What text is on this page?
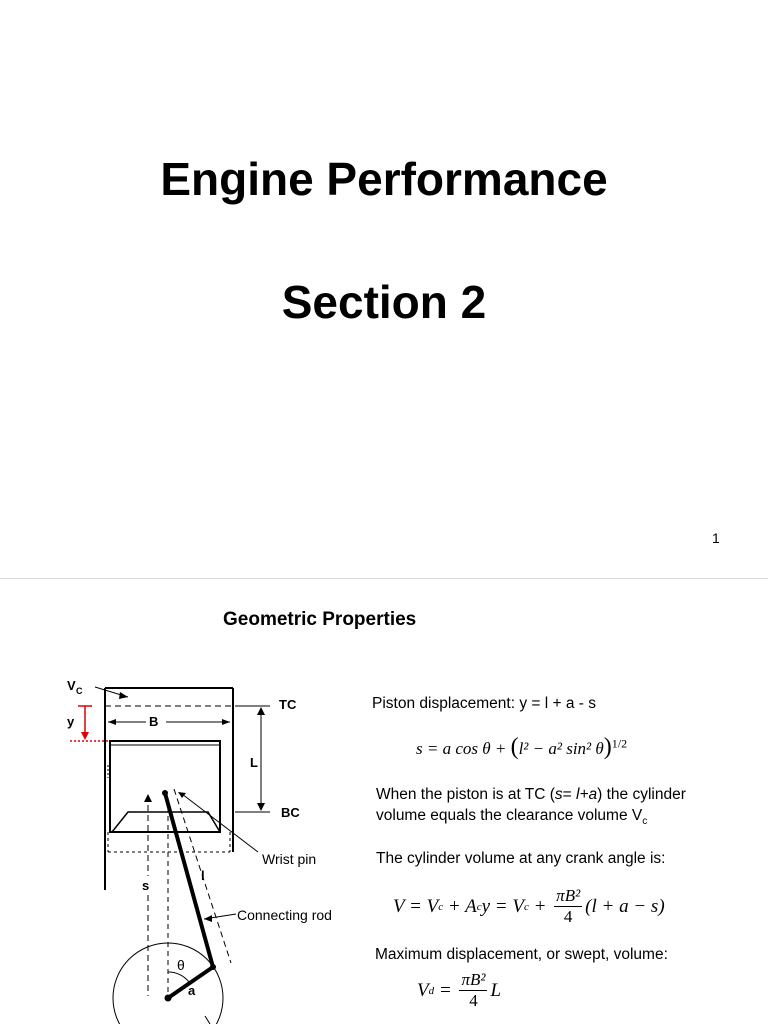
Engine Performance
Section 2
1
Geometric Properties
B
V C
y
TC
L
BC
Wrist pin
Connecting rod
l
s
θ
a
Piston displacement: y = l + a - s
s = a cos θ + (l² − a² sin² θ)$^{1/2}$
When the piston is at TC (s= l+a) the cylinder
volume equals the clearance volume $V_c$
The cylinder volume at any crank angle is:
V = V c + A c y = V $c + \frac{\text{πB²}}{4} (l + a - s)$
Maximum displacement, or swept, volume:
V $d = \frac{\text{πB²}}{4}$ L
